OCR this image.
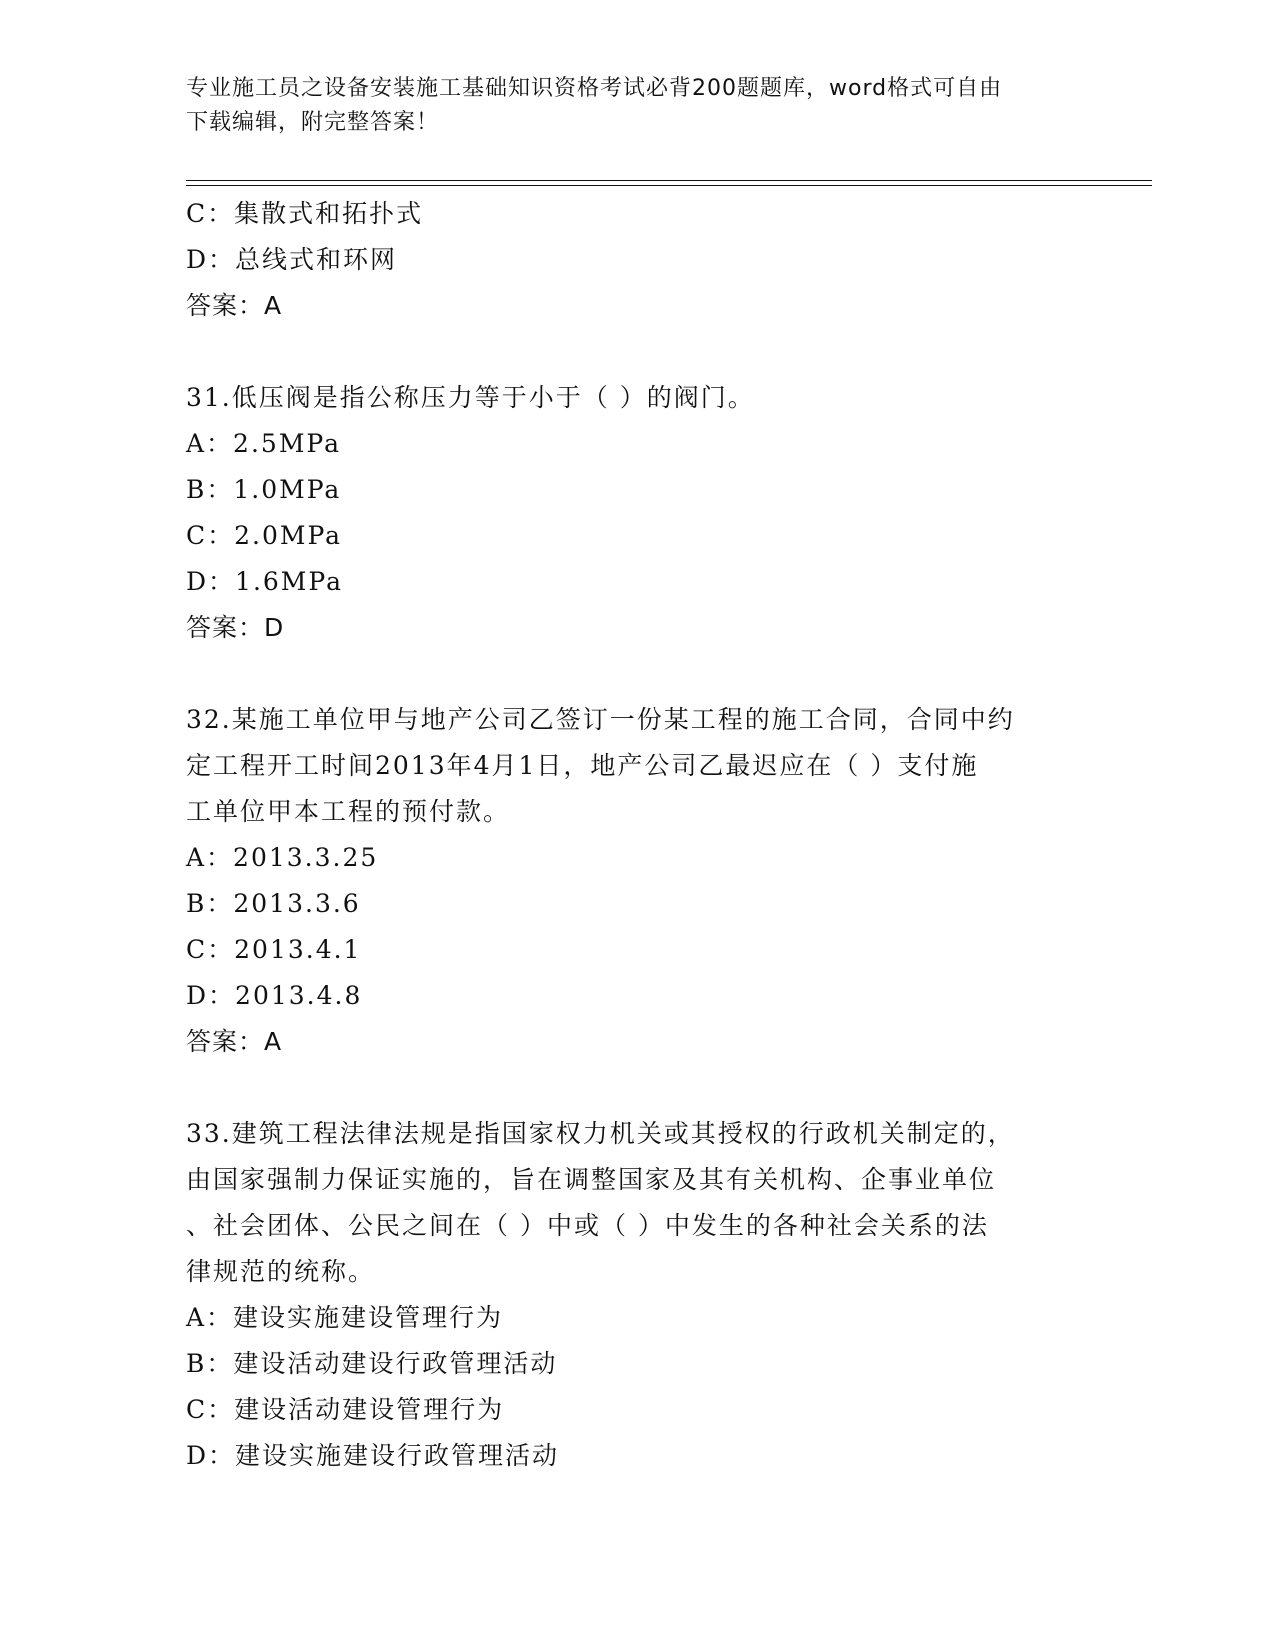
专业施工员之设备安装施工基础知识资格考试必背200题题库，word格式可自由
下载编辑，附完整答案！
C：集散式和拓扑式
D：总线式和环网
答案：A
31.低压阀是指公称压力等于小于（ ）的阀门。
A：2.5MPa
B：1.0MPa
C：2.0MPa
D：1.6MPa
答案：D
32.某施工单位甲与地产公司乙签订一份某工程的施工合同，合同中约
定工程开工时间2013年4月1日，地产公司乙最迟应在（ ）支付施
工单位甲本工程的预付款。
A：2013.3.25
B：2013.3.6
C：2013.4.1
D：2013.4.8
答案：A
33.建筑工程法律法规是指国家权力机关或其授权的行政机关制定的，
由国家强制力保证实施的，旨在调整国家及其有关机构、企事业单位
、社会团体、公民之间在（ ）中或（ ）中发生的各种社会关系的法
律规范的统称。
A：建设实施建设管理行为
B：建设活动建设行政管理活动
C：建设活动建设管理行为
D：建设实施建设行政管理活动
